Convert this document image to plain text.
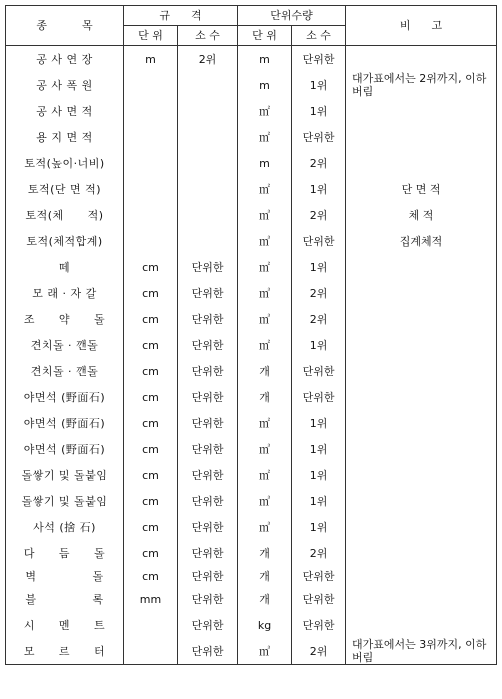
종          목	규      격		단위수량		비      고
	단 위	소 수	단 위	소 수	
공 사 연 장	m	2위	m	단위한	
공 사 폭 원			m	1위	대가표에서는 2위까지, 이하 버림
공 사 면 적			㎡	1위	
용 지 면 적			㎡	단위한	
토적(높이·너비)			m	2위	
토적(단 면 적)			㎡	1위	단 면 적
토적(체      적)			㎥	2위	체 적
토적(체적합계)			㎥	단위한	집계체적
떼	cm	단위한	㎡	1위	
모 래 · 자 갈	cm	단위한	㎥	2위	
조      약      돌	cm	단위한	㎥	2위	
견치돌 · 깬돌	cm	단위한	㎡	1위	
견치돌 · 깬돌	cm	단위한	개	단위한	
야면석 (野面石)	cm	단위한	개	단위한	
야면석 (野面石)	cm	단위한	㎡	1위	
야면석 (野面石)	cm	단위한	㎥	1위	
돌쌓기 및 돌붙임	cm	단위한	㎡	1위	
돌쌓기 및 돌붙임	cm	단위한	㎥	1위	
사석 (捨 石)	cm	단위한	㎥	1위	
다      듬      돌	cm	단위한	개	2위	
벽              돌	cm	단위한	개	단위한	
블              록	mm	단위한	개	단위한	
시      멘      트		단위한	kg	단위한	
모      르      터		단위한	㎥	2위	대가표에서는 3위까지, 이하 버림
